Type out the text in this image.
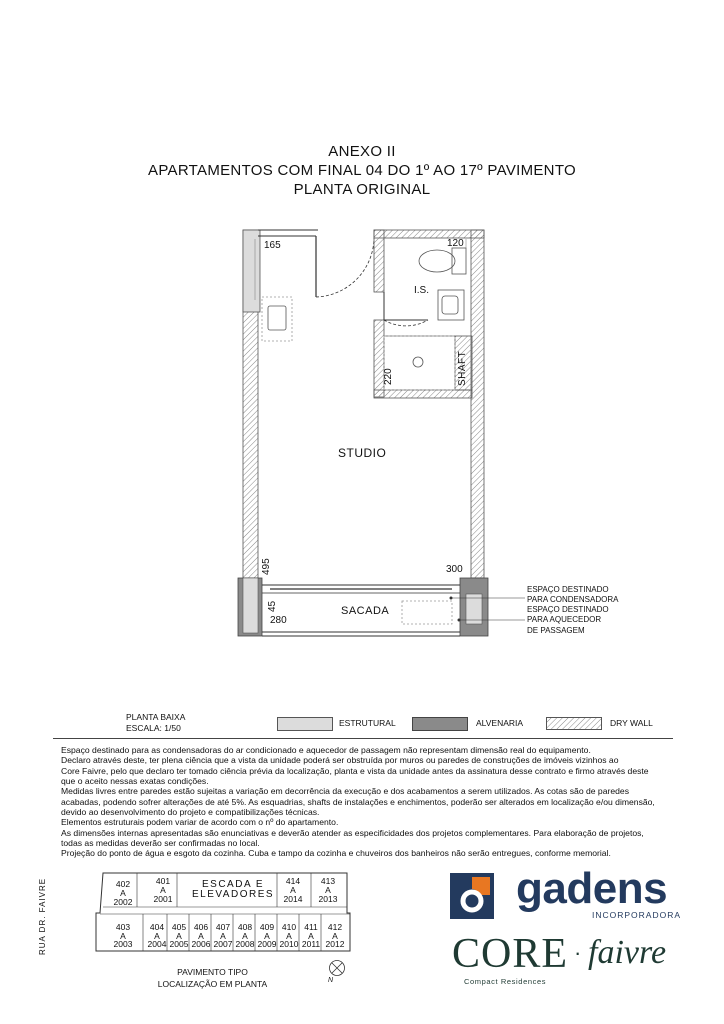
ANEXO II
APARTAMENTOS COM FINAL 04 DO 1º AO 17º PAVIMENTO
PLANTA ORIGINAL
165	120
I.S.
220	SHAFT
STUDIO
495	300
45
280
SACADA
ESPAÇO DESTINADO
PARA CONDENSADORA
ESPAÇO DESTINADO
PARA AQUECEDOR
DE PASSAGEM
PLANTA BAIXA
ESCALA: 1/50	ESTRUTURAL	ALVENARIA	DRY WALL
Espaço destinado para as condensadoras do ar condicionado e aquecedor de passagem não representam dimensão real do equipamento.
Declaro através deste, ter plena ciência que a vista da unidade poderá ser obstruída por muros ou paredes de construções de imóveis vizinhos ao
Core Faivre, pelo que declaro ter tomado ciência prévia da localização, planta e vista da unidade antes da assinatura desse contrato e firmo através deste
que o aceito nessas exatas condições.
Medidas livres entre paredes estão sujeitas a variação em decorrência da execução e dos acabamentos a serem utilizados. As cotas são de paredes
acabadas, podendo sofrer alterações de até 5%. As esquadrias, shafts de instalações e enchimentos, poderão ser alterados em localização e/ou dimensão,
devido ao desenvolvimento do projeto e compatibilizações técnicas.
Elementos estruturais podem variar de acordo com o nº do apartamento.
As dimensões internas apresentadas são enunciativas e deverão atender as especificidades dos projetos complementares. Para elaboração de projetos,
todas as medidas deverão ser confirmadas no local.
Projeção do ponto de água e esgoto da cozinha. Cuba e tampo da cozinha e chuveiros dos banheiros não serão entregues, conforme memorial.
RUA DR. FAIVRE	402
A
2002
401
A
2001
ESCADA E
ELEVADORES
414
A
2014
413
A
2013
403
A
2003
404
A
2004
405
A
2005
406
A
2006
407
A
2007
408
A
2008
409
A
2009
410
A
2010
411
A
2011
412
A
2012
PAVIMENTO TIPO
LOCALIZAÇÃO EM PLANTA	N
gadens
INCORPORADORA
CORE · faivre
Compact Residences
